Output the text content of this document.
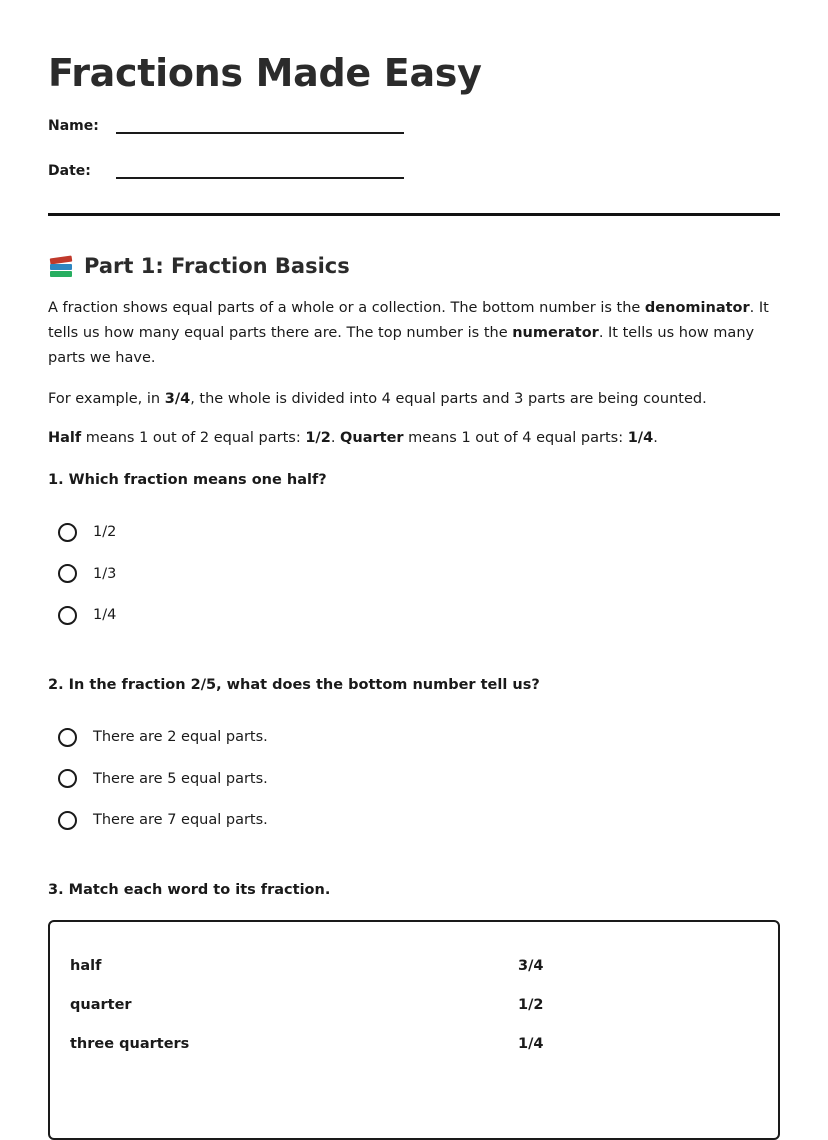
Fractions Made Easy
Name:
Date:
Part 1: Fraction Basics

A fraction shows equal parts of a whole or a collection. The bottom number is the denominator. It tells us how many equal parts there are. The top number is the numerator. It tells us how many parts we have.

For example, in 3/4, the whole is divided into 4 equal parts and 3 parts are being counted.

Half means 1 out of 2 equal parts: 1/2. Quarter means 1 out of 4 equal parts: 1/4.

1. Which fraction means one half?

1/2
1/3
1/4

2. In the fraction 2/5, what does the bottom number tell us?

There are 2 equal parts.
There are 5 equal parts.
There are 7 equal parts.

3. Match each word to its fraction.

half	3/4
quarter	1/2
three quarters	1/4
